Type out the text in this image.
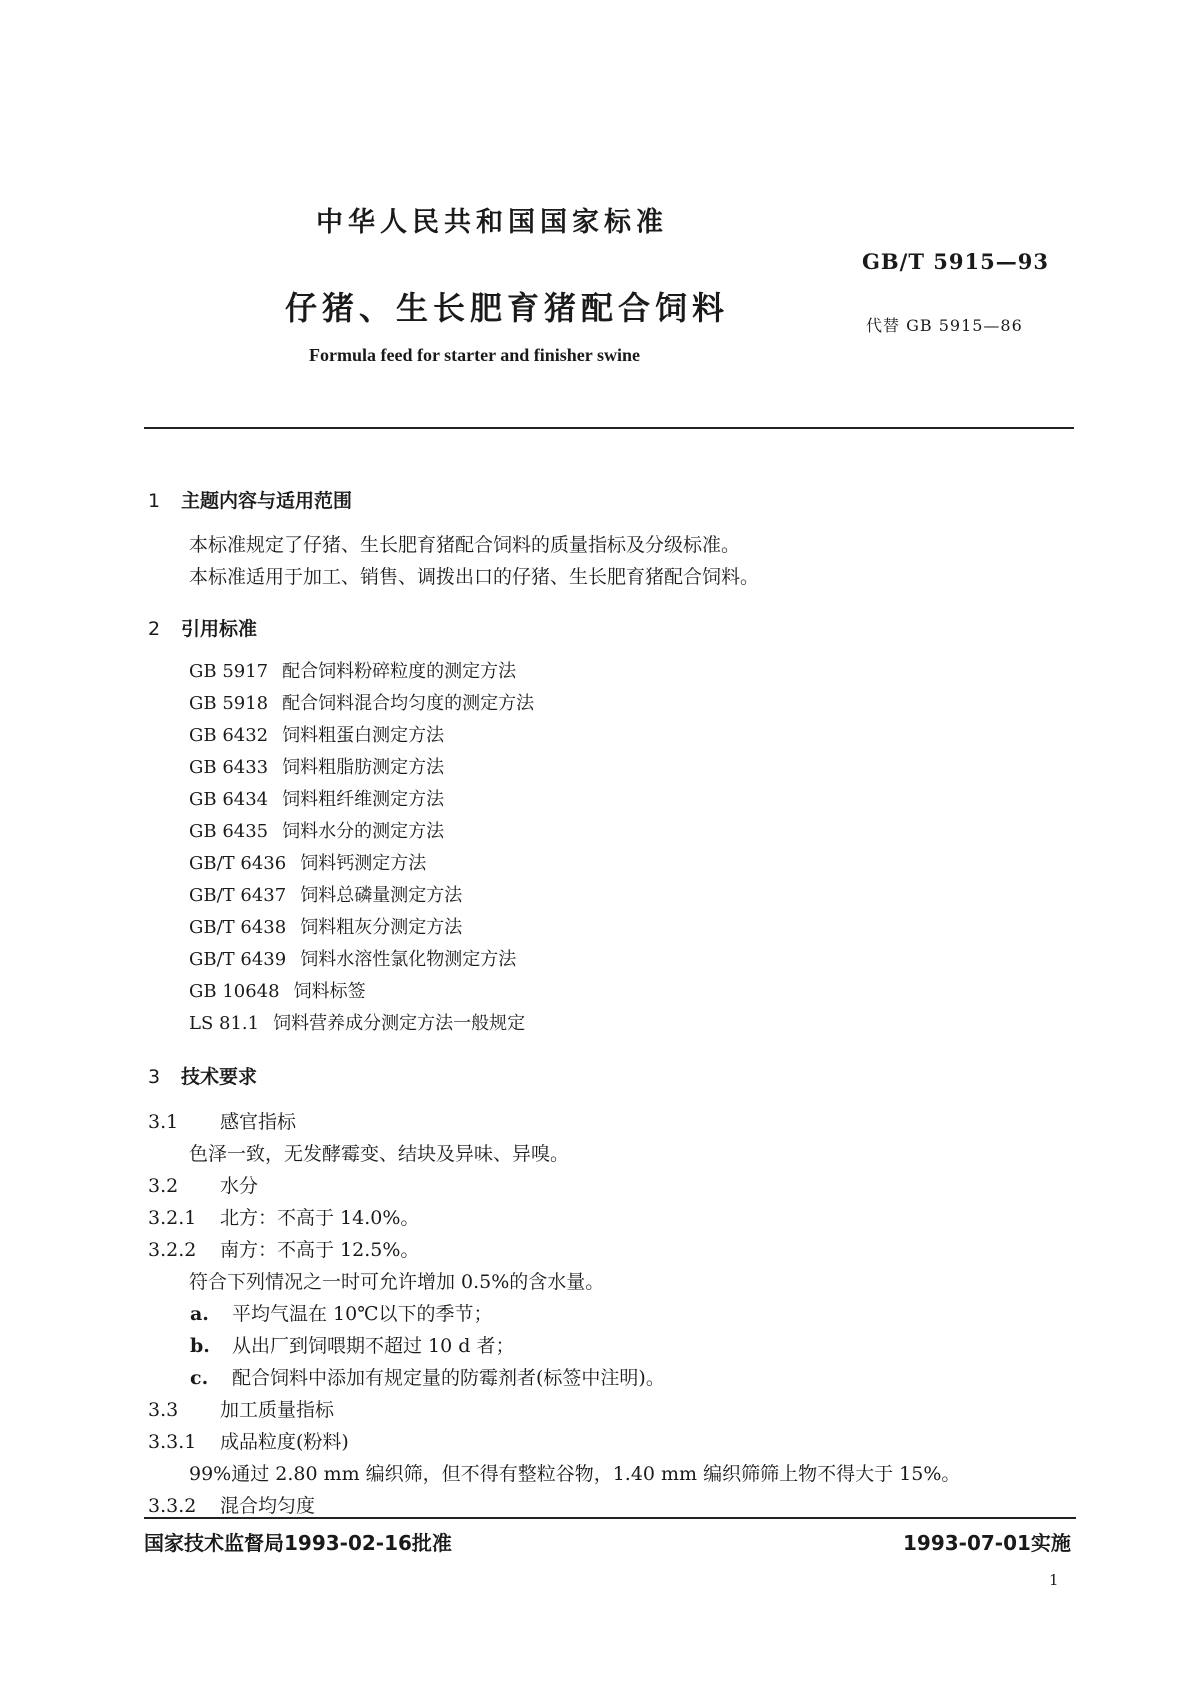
中华人民共和国国家标准
GB/T 5915—93
仔猪、生长肥育猪配合饲料	代替 GB 5915—86
Formula feed for starter and finisher swine
1 主题内容与适用范围
本标准规定了仔猪、生长肥育猪配合饲料的质量指标及分级标准。
本标准适用于加工、销售、调拨出口的仔猪、生长肥育猪配合饲料。
2 引用标准
GB 5917 配合饲料粉碎粒度的测定方法
GB 5918 配合饲料混合均匀度的测定方法
GB 6432 饲料粗蛋白测定方法
GB 6433 饲料粗脂肪测定方法
GB 6434 饲料粗纤维测定方法
GB 6435 饲料水分的测定方法
GB/T 6436 饲料钙测定方法
GB/T 6437 饲料总磷量测定方法
GB/T 6438 饲料粗灰分测定方法
GB/T 6439 饲料水溶性氯化物测定方法
GB 10648 饲料标签
LS 81.1 饲料营养成分测定方法一般规定
3 技术要求
3.1 感官指标
色泽一致，无发酵霉变、结块及异味、异嗅。
3.2 水分
3.2.1 北方：不高于 14.0%。
3.2.2 南方：不高于 12.5%。
符合下列情况之一时可允许增加 0.5%的含水量。
a. 平均气温在 10℃以下的季节；
b. 从出厂到饲喂期不超过 10 d 者；
c. 配合饲料中添加有规定量的防霉剂者(标签中注明)。
3.3 加工质量指标
3.3.1 成品粒度(粉料)
99%通过 2.80 mm 编织筛，但不得有整粒谷物，1.40 mm 编织筛筛上物不得大于 15%。
3.3.2 混合均匀度
国家技术监督局1993-02-16批准	1993-07-01实施
1
